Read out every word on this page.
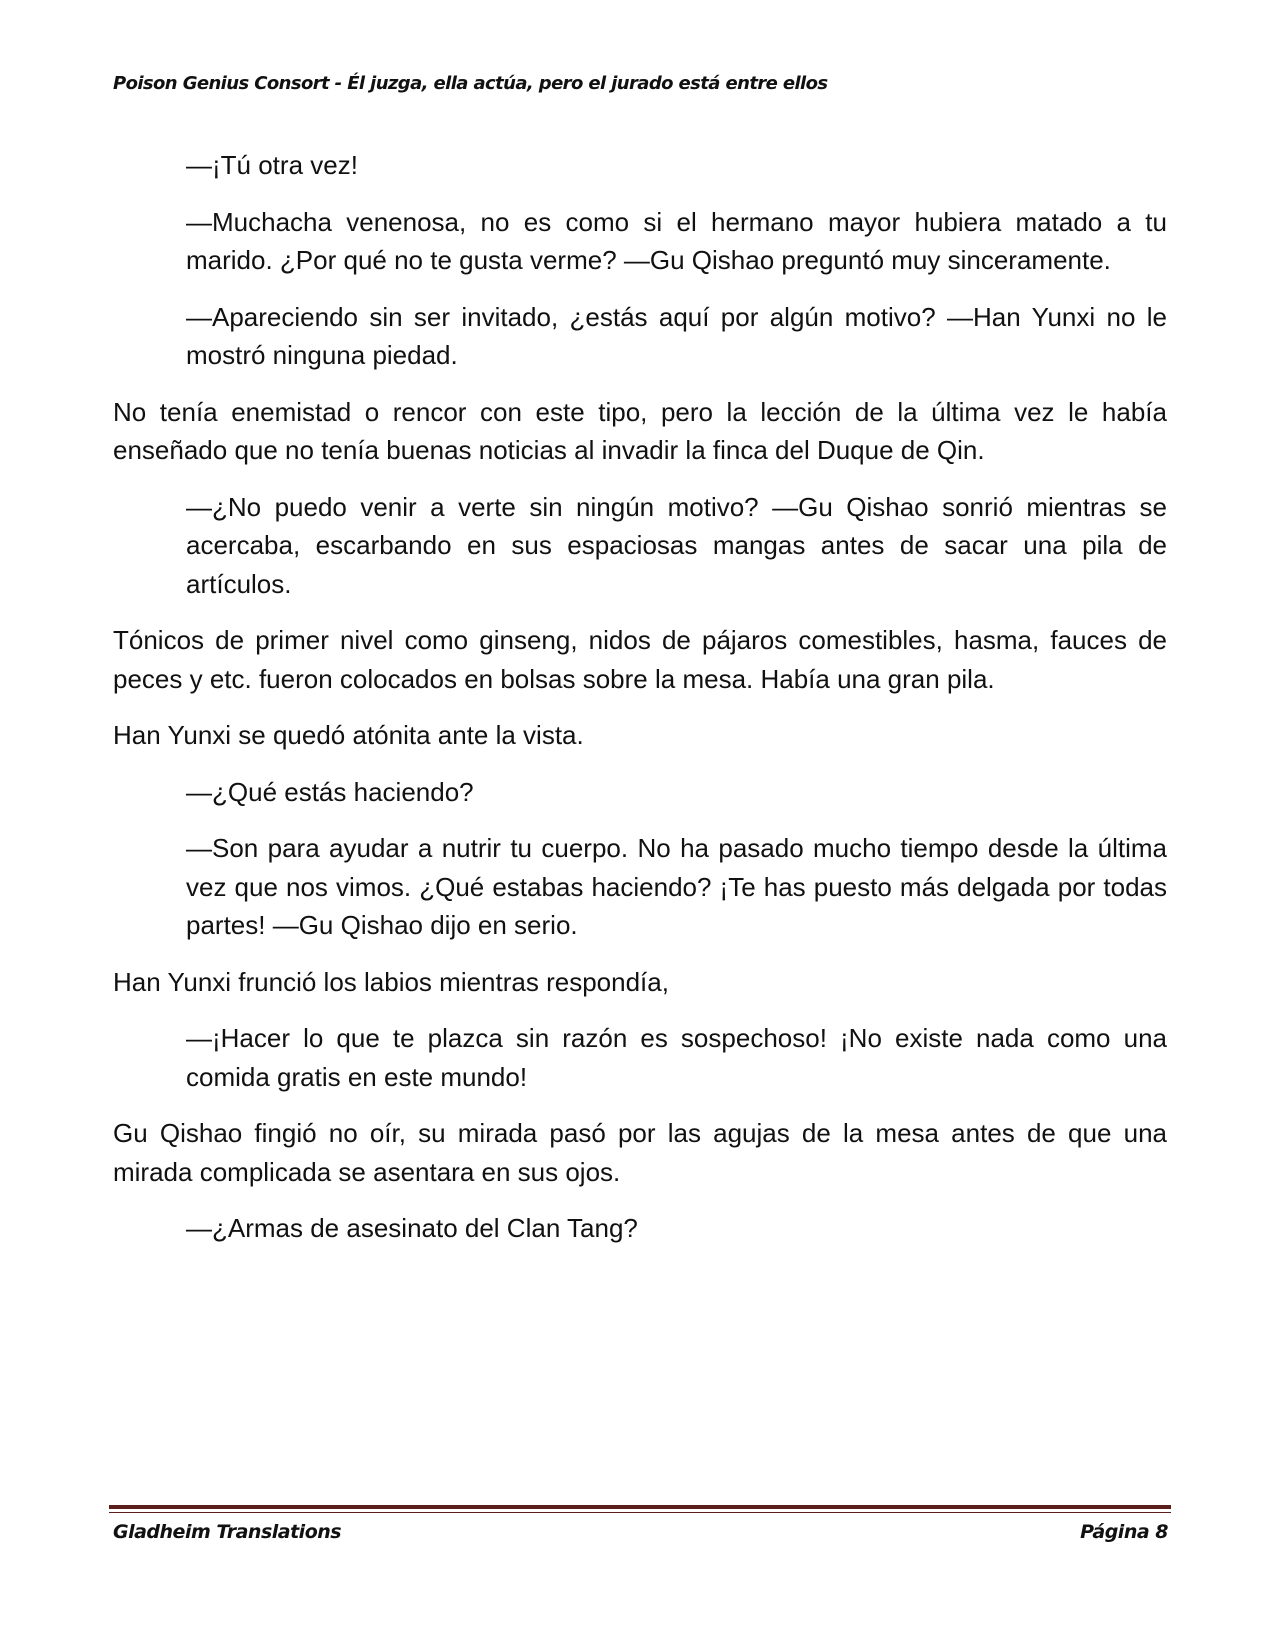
Poison Genius Consort - Él juzga, ella actúa, pero el jurado está entre ellos

—¡Tú otra vez!

—Muchacha venenosa, no es como si el hermano mayor hubiera matado a tu marido. ¿Por qué no te gusta verme? —Gu Qishao preguntó muy sinceramente.

—Apareciendo sin ser invitado, ¿estás aquí por algún motivo? —Han Yunxi no le mostró ninguna piedad.

No tenía enemistad o rencor con este tipo, pero la lección de la última vez le había enseñado que no tenía buenas noticias al invadir la finca del Duque de Qin.

—¿No puedo venir a verte sin ningún motivo? —Gu Qishao sonrió mientras se acercaba, escarbando en sus espaciosas mangas antes de sacar una pila de artículos.

Tónicos de primer nivel como ginseng, nidos de pájaros comestibles, hasma, fauces de peces y etc. fueron colocados en bolsas sobre la mesa. Había una gran pila.

Han Yunxi se quedó atónita ante la vista.

—¿Qué estás haciendo?

—Son para ayudar a nutrir tu cuerpo. No ha pasado mucho tiempo desde la última vez que nos vimos. ¿Qué estabas haciendo? ¡Te has puesto más delgada por todas partes! —Gu Qishao dijo en serio.

Han Yunxi frunció los labios mientras respondía,

—¡Hacer lo que te plazca sin razón es sospechoso! ¡No existe nada como una comida gratis en este mundo!

Gu Qishao fingió no oír, su mirada pasó por las agujas de la mesa antes de que una mirada complicada se asentara en sus ojos.

—¿Armas de asesinato del Clan Tang?

Gladheim Translations	Página 8
